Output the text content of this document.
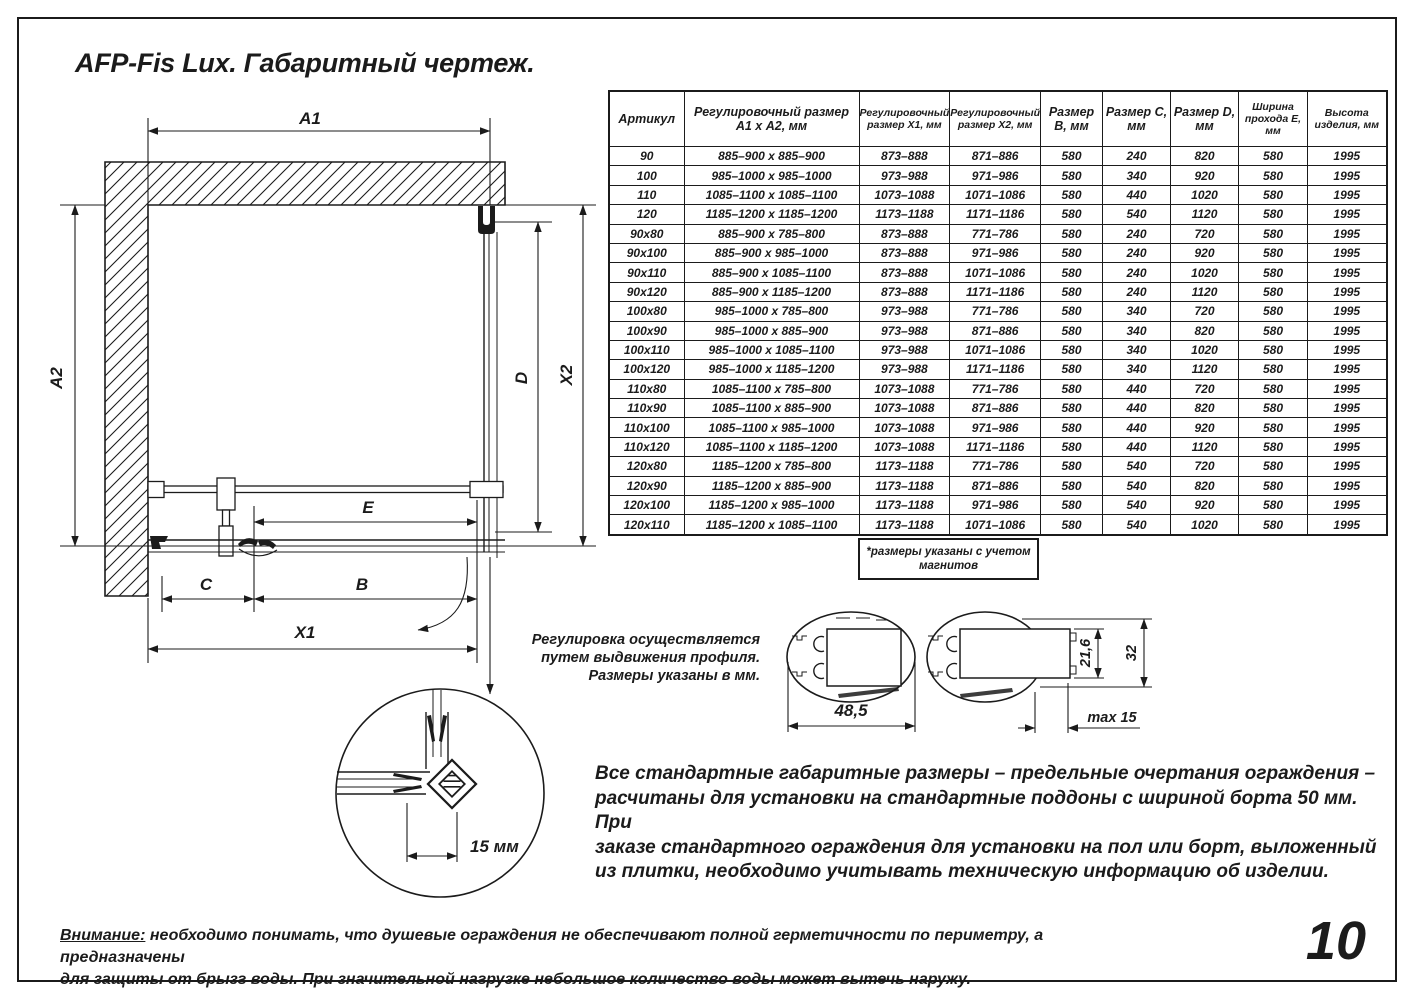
AFP-Fis Lux. Габаритный чертеж.
A1
A2	X2
D
E
C	B
X1
15 мм
48,5
21,6 32
max 15
Артикул	Регулировочный размер А1 х А2, мм	Регулировочный размер Х1, мм	Регулировочный размер Х2, мм	Размер В, мм	Размер С, мм	Размер D, мм	Ширина прохода Е, мм	Высота изделия, мм
90	885–900 x 885–900	873–888	871–886	580	240	820	580	1995
100	985–1000 x 985–1000	973–988	971–986	580	340	920	580	1995
110	1085–1100 x 1085–1100	1073–1088	1071–1086	580	440	1020	580	1995
120	1185–1200 x 1185–1200	1173–1188	1171–1186	580	540	1120	580	1995
90x80	885–900 x 785–800	873–888	771–786	580	240	720	580	1995
90x100	885–900 x 985–1000	873–888	971–986	580	240	920	580	1995
90x110	885–900 x 1085–1100	873–888	1071–1086	580	240	1020	580	1995
90x120	885–900 x 1185–1200	873–888	1171–1186	580	240	1120	580	1995
100x80	985–1000 x 785–800	973–988	771–786	580	340	720	580	1995
100x90	985–1000 x 885–900	973–988	871–886	580	340	820	580	1995
100x110	985–1000 x 1085–1100	973–988	1071–1086	580	340	1020	580	1995
100x120	985–1000 x 1185–1200	973–988	1171–1186	580	340	1120	580	1995
110x80	1085–1100 x 785–800	1073–1088	771–786	580	440	720	580	1995
110x90	1085–1100 x 885–900	1073–1088	871–886	580	440	820	580	1995
110x100	1085–1100 x 985–1000	1073–1088	971–986	580	440	920	580	1995
110x120	1085–1100 x 1185–1200	1073–1088	1171–1186	580	440	1120	580	1995
120x80	1185–1200 x 785–800	1173–1188	771–786	580	540	720	580	1995
120x90	1185–1200 x 885–900	1173–1188	871–886	580	540	820	580	1995
120x100	1185–1200 x 985–1000	1173–1188	971–986	580	540	920	580	1995
120x110	1185–1200 x 1085–1100	1173–1188	1071–1086	580	540	1020	580	1995
*размеры указаны с учетом магнитов
Регулировка осуществляется
путем выдвижения профиля.
Размеры указаны в мм.
Все стандартные габаритные размеры – предельные очертания ограждения –
расчитаны для установки на стандартные поддоны с шириной борта 50 мм. При
заказе стандартного ограждения для установки на пол или борт, выложенный
из плитки, необходимо учитывать техническую информацию об изделии.
Внимание: необходимо понимать, что душевые ограждения не обеспечивают полной герметичности по периметру, а предназначены
для защиты от брызг воды. При значительной нагрузке небольшое количество воды может вытечь наружу.
10
